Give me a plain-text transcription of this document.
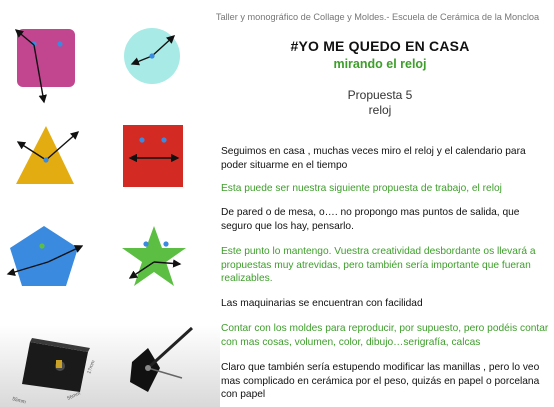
Taller y monográfico de Collage y Moldes.- Escuela de Cerámica de la Moncloa
#YO ME QUEDO EN CASA
mirando el reloj
Propuesta 5
reloj
Seguimos en casa , muchas veces miro el reloj y el calendario para poder situarme en el tiempo
Esta puede ser nuestra siguiente propuesta de trabajo, el reloj
De pared o de mesa, o…. no propongo mas puntos de salida, que seguro que los hay, pensarlo.
Este punto lo mantengo. Vuestra creatividad desbordante os llevará a propuestas muy atrevidas, pero también sería importante que fueran realizables.
Las maquinarias se encuentran con facilidad
Contar con los moldes para reproducir, por supuesto, pero podéis contar con mas cosas, volumen, color, dibujo…serigrafía, calcas
Claro que también sería estupendo modificar las manillas , pero lo veo mas complicado en cerámica por el peso, quizás en papel o porcelana con papel
55mm	56mm
17mm
